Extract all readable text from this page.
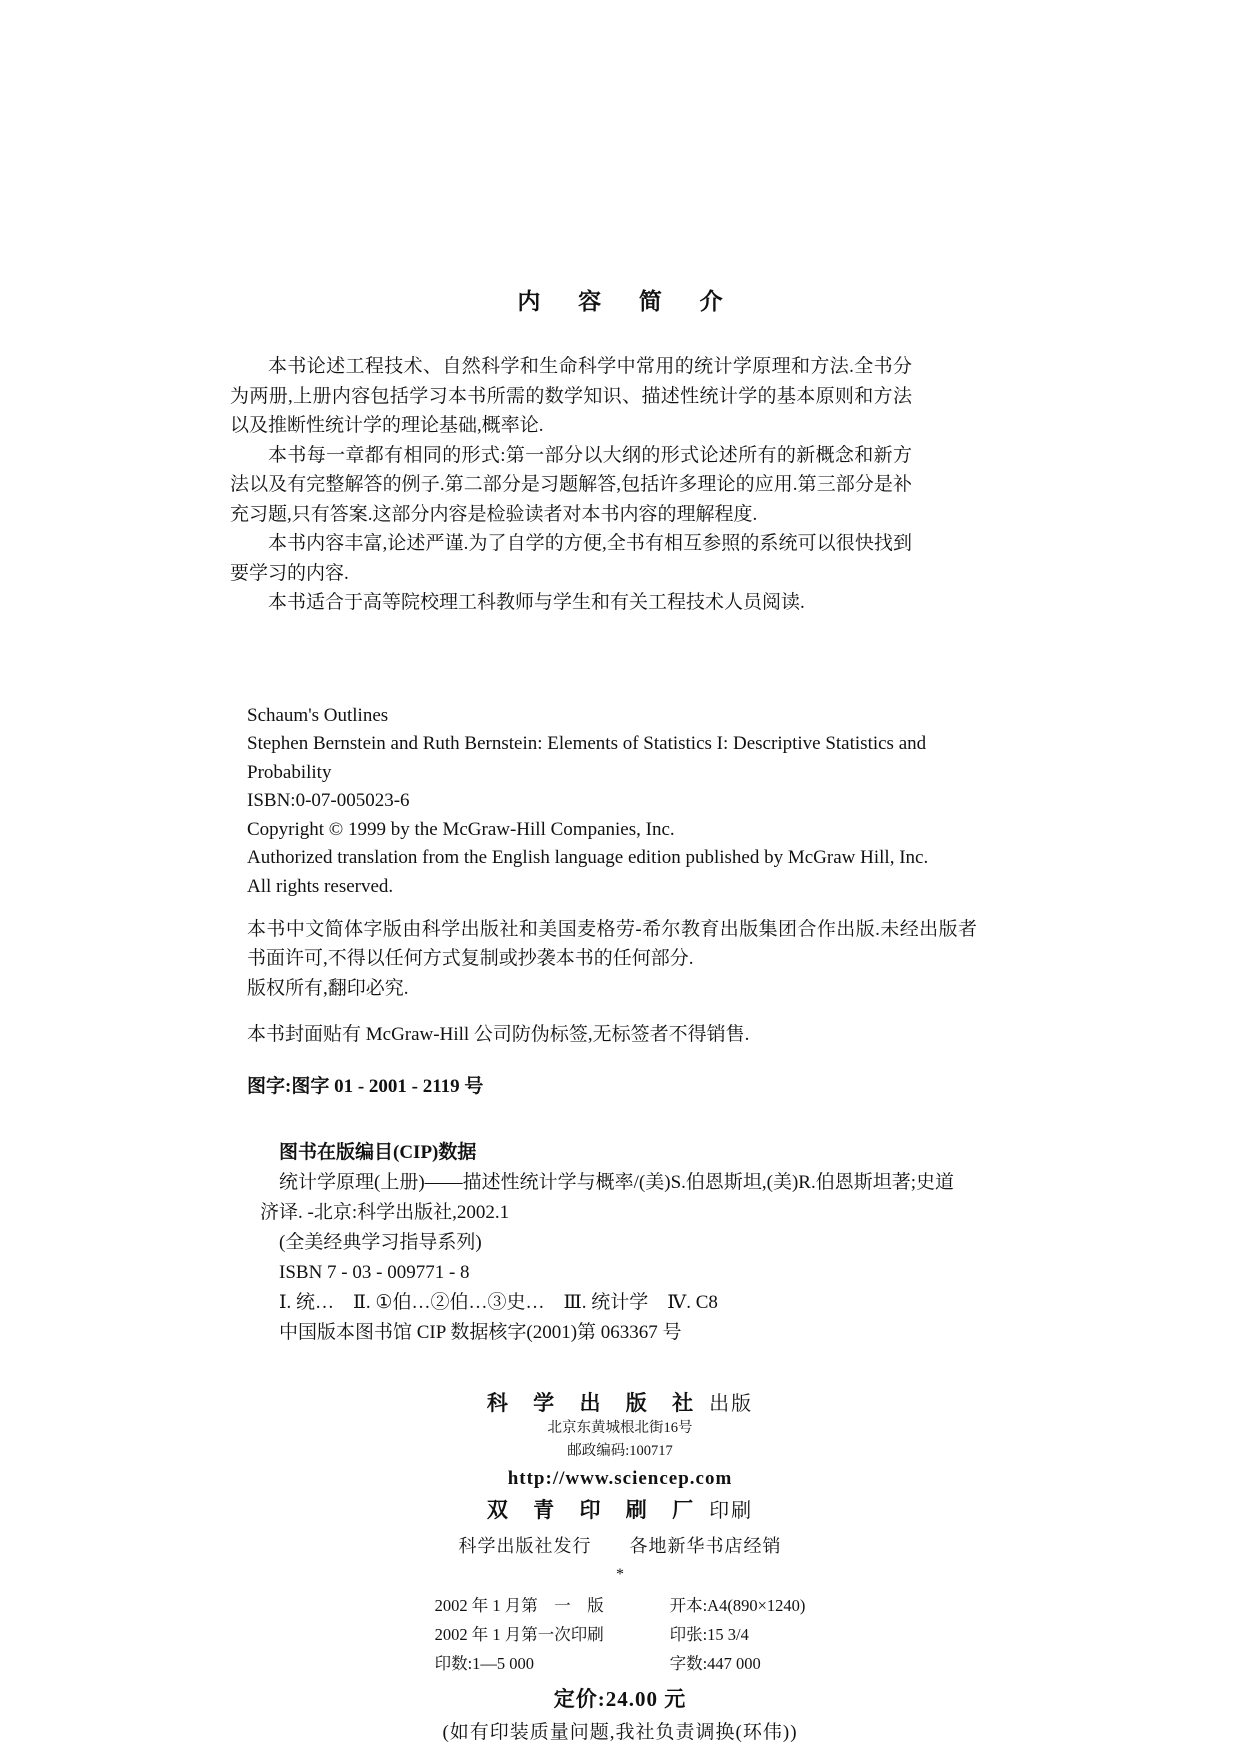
内 容 简 介

本书论述工程技术、自然科学和生命科学中常用的统计学原理和方法.全书分为两册,上册内容包括学习本书所需的数学知识、描述性统计学的基本原则和方法以及推断性统计学的理论基础,概率论.

本书每一章都有相同的形式:第一部分以大纲的形式论述所有的新概念和新方法以及有完整解答的例子.第二部分是习题解答,包括许多理论的应用.第三部分是补充习题,只有答案.这部分内容是检验读者对本书内容的理解程度.

本书内容丰富,论述严谨.为了自学的方便,全书有相互参照的系统可以很快找到要学习的内容.

本书适合于高等院校理工科教师与学生和有关工程技术人员阅读.

Schaum's Outlines
Stephen Bernstein and Ruth Bernstein: Elements of Statistics I: Descriptive Statistics and Probability
ISBN:0-07-005023-6
Copyright © 1999 by the McGraw-Hill Companies, Inc.
Authorized translation from the English language edition published by McGraw Hill, Inc.
All rights reserved.

本书中文简体字版由科学出版社和美国麦格劳-希尔教育出版集团合作出版.未经出版者书面许可,不得以任何方式复制或抄袭本书的任何部分.

版权所有,翻印必究.

本书封面贴有 McGraw-Hill 公司防伪标签,无标签者不得销售.
图字:图字 01 - 2001 - 2119 号

图书在版编目(CIP)数据

统计学原理(上册)——描述性统计学与概率/(美)S.伯恩斯坦,(美)R.伯恩斯坦著;史道济译. -北京:科学出版社,2002.1

(全美经典学习指导系列)

ISBN 7 - 03 - 009771 - 8

Ⅰ. 统…　Ⅱ. ①伯…②伯…③史…　Ⅲ. 统计学　Ⅳ. C8

中国版本图书馆 CIP 数据核字(2001)第 063367 号

科 学 出 版 社 出版
北京东黄城根北街16号
邮政编码:100717
http://www.sciencep.com
双 青 印 刷 厂 印刷
科学出版社发行　　各地新华书店经销
*
2002 年 1 月第　一　版	开本:A4(890×1240)
2002 年 1 月第一次印刷	印张:15 3/4
印数:1—5 000	字数:447 000
定价:24.00 元
(如有印装质量问题,我社负责调换(环伟))
